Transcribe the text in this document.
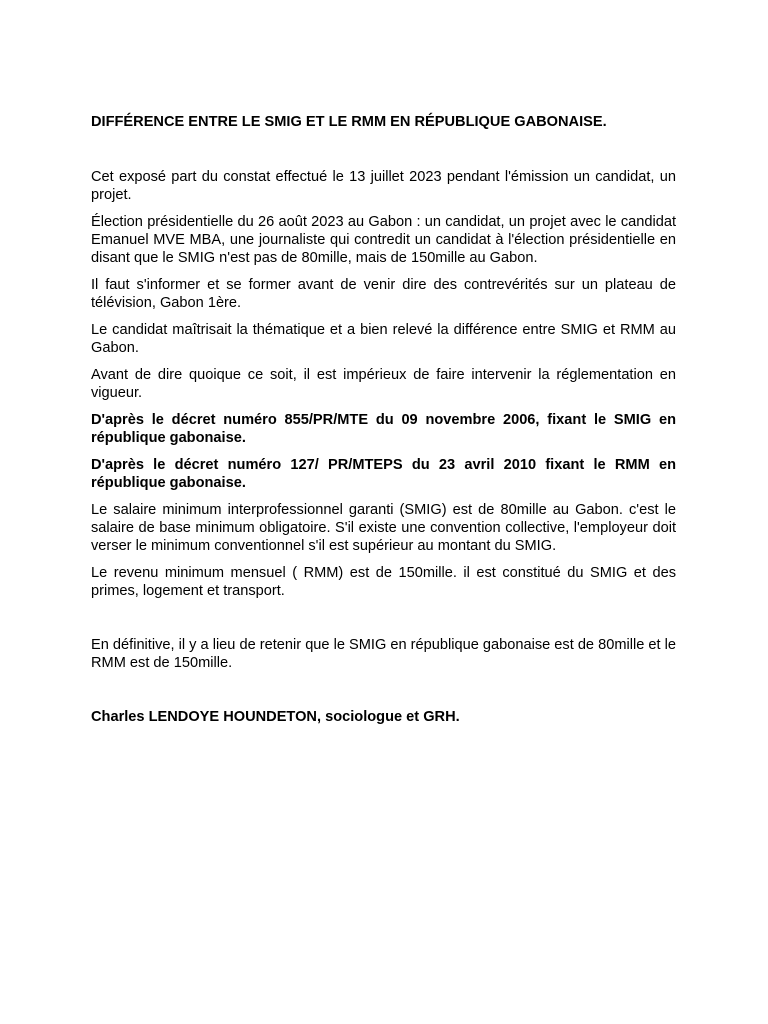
DIFFÉRENCE ENTRE LE SMIG ET LE RMM EN RÉPUBLIQUE GABONAISE.

Cet exposé part du constat effectué le 13 juillet 2023 pendant l'émission un candidat, un projet.

Élection présidentielle du 26 août 2023 au Gabon : un candidat, un projet avec le candidat Emanuel MVE MBA, une journaliste qui contredit un candidat à l'élection présidentielle en disant que le SMIG n'est pas de 80mille, mais de 150mille au Gabon.

Il faut s'informer et se former avant de venir dire des contrevérités sur un plateau de télévision, Gabon 1ère.

Le candidat maîtrisait la thématique et a bien relevé la différence entre SMIG et RMM au Gabon.

Avant de dire quoique ce soit, il est impérieux de faire intervenir la réglementation en vigueur.

D'après le décret numéro 855/PR/MTE du 09 novembre 2006, fixant le SMIG en république gabonaise.

D'après le décret numéro 127/ PR/MTEPS du 23 avril 2010 fixant le RMM en république gabonaise.

Le salaire minimum interprofessionnel garanti (SMIG) est de 80mille au Gabon. c'est le salaire de base minimum obligatoire. S'il existe une convention collective, l'employeur doit verser le minimum conventionnel s'il est supérieur au montant du SMIG.

Le revenu minimum mensuel ( RMM) est de 150mille. il est constitué du SMIG et des primes, logement et transport.

En définitive, il y a lieu de retenir que le SMIG en république gabonaise est de 80mille et le RMM est de 150mille.

Charles LENDOYE HOUNDETON, sociologue et GRH.
